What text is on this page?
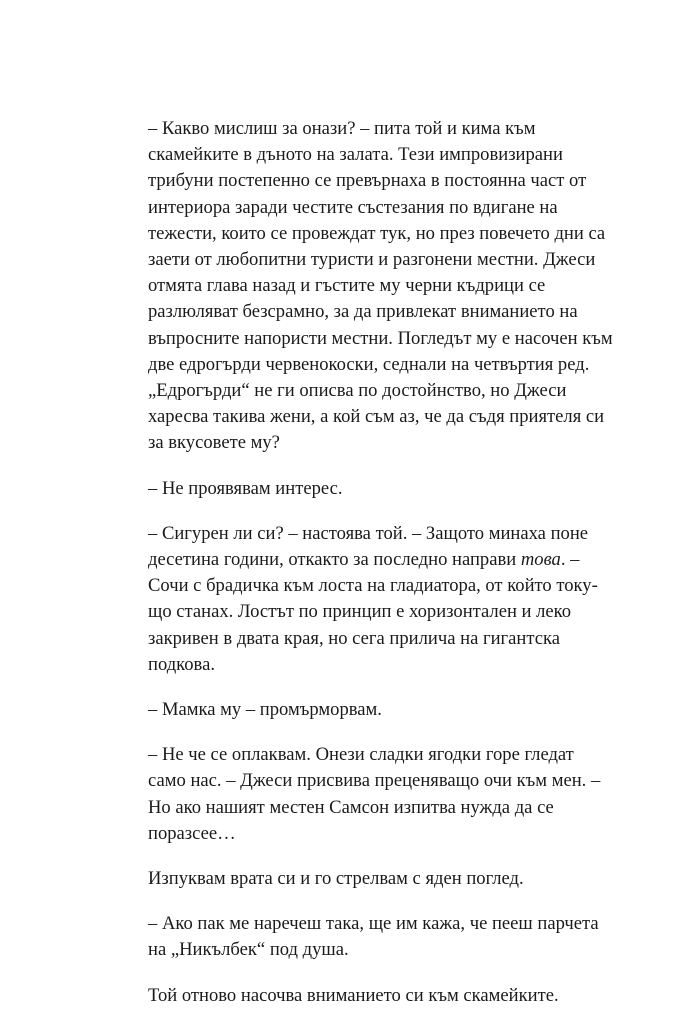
– Какво мислиш за онази? – пита той и кима към
скамейките в дъното на залата. Тези импровизирани
трибуни постепенно се превърнаха в постоянна част от
интериора заради честите състезания по вдигане на
тежести, които се провеждат тук, но през повечето дни са
заети от любопитни туристи и разгонени местни. Джеси
отмята глава назад и гъстите му черни къдрици се
разлюляват безсрамно, за да привлекат вниманието на
въпросните напористи местни. Погледът му е насочен към
две едрогърди червенокоски, седнали на четвъртия ред.
„Едрогърди“ не ги описва по достойнство, но Джеси
харесва такива жени, а кой съм аз, че да съдя приятеля си
за вкусовете му?

– Не проявявам интерес.

– Сигурен ли си? – настоява той. – Защото минаха поне
десетина години, откакто за последно направи това. –
Сочи с брадичка към лоста на гладиатора, от който току-
що станах. Лостът по принцип е хоризонтален и леко
закривен в двата края, но сега прилича на гигантска
подкова.

– Мамка му – промърморвам.

– Не че се оплаквам. Онези сладки ягодки горе гледат
само нас. – Джеси присвива преценяващо очи към мен. –
Но ако нашият местен Самсон изпитва нужда да се
поразсее…

Изпуквам врата си и го стрелвам с яден поглед.

– Ако пак ме наречеш така, ще им кажа, че пееш парчета
на „Никълбек“ под душа.

Той отново насочва вниманието си към скамейките.
